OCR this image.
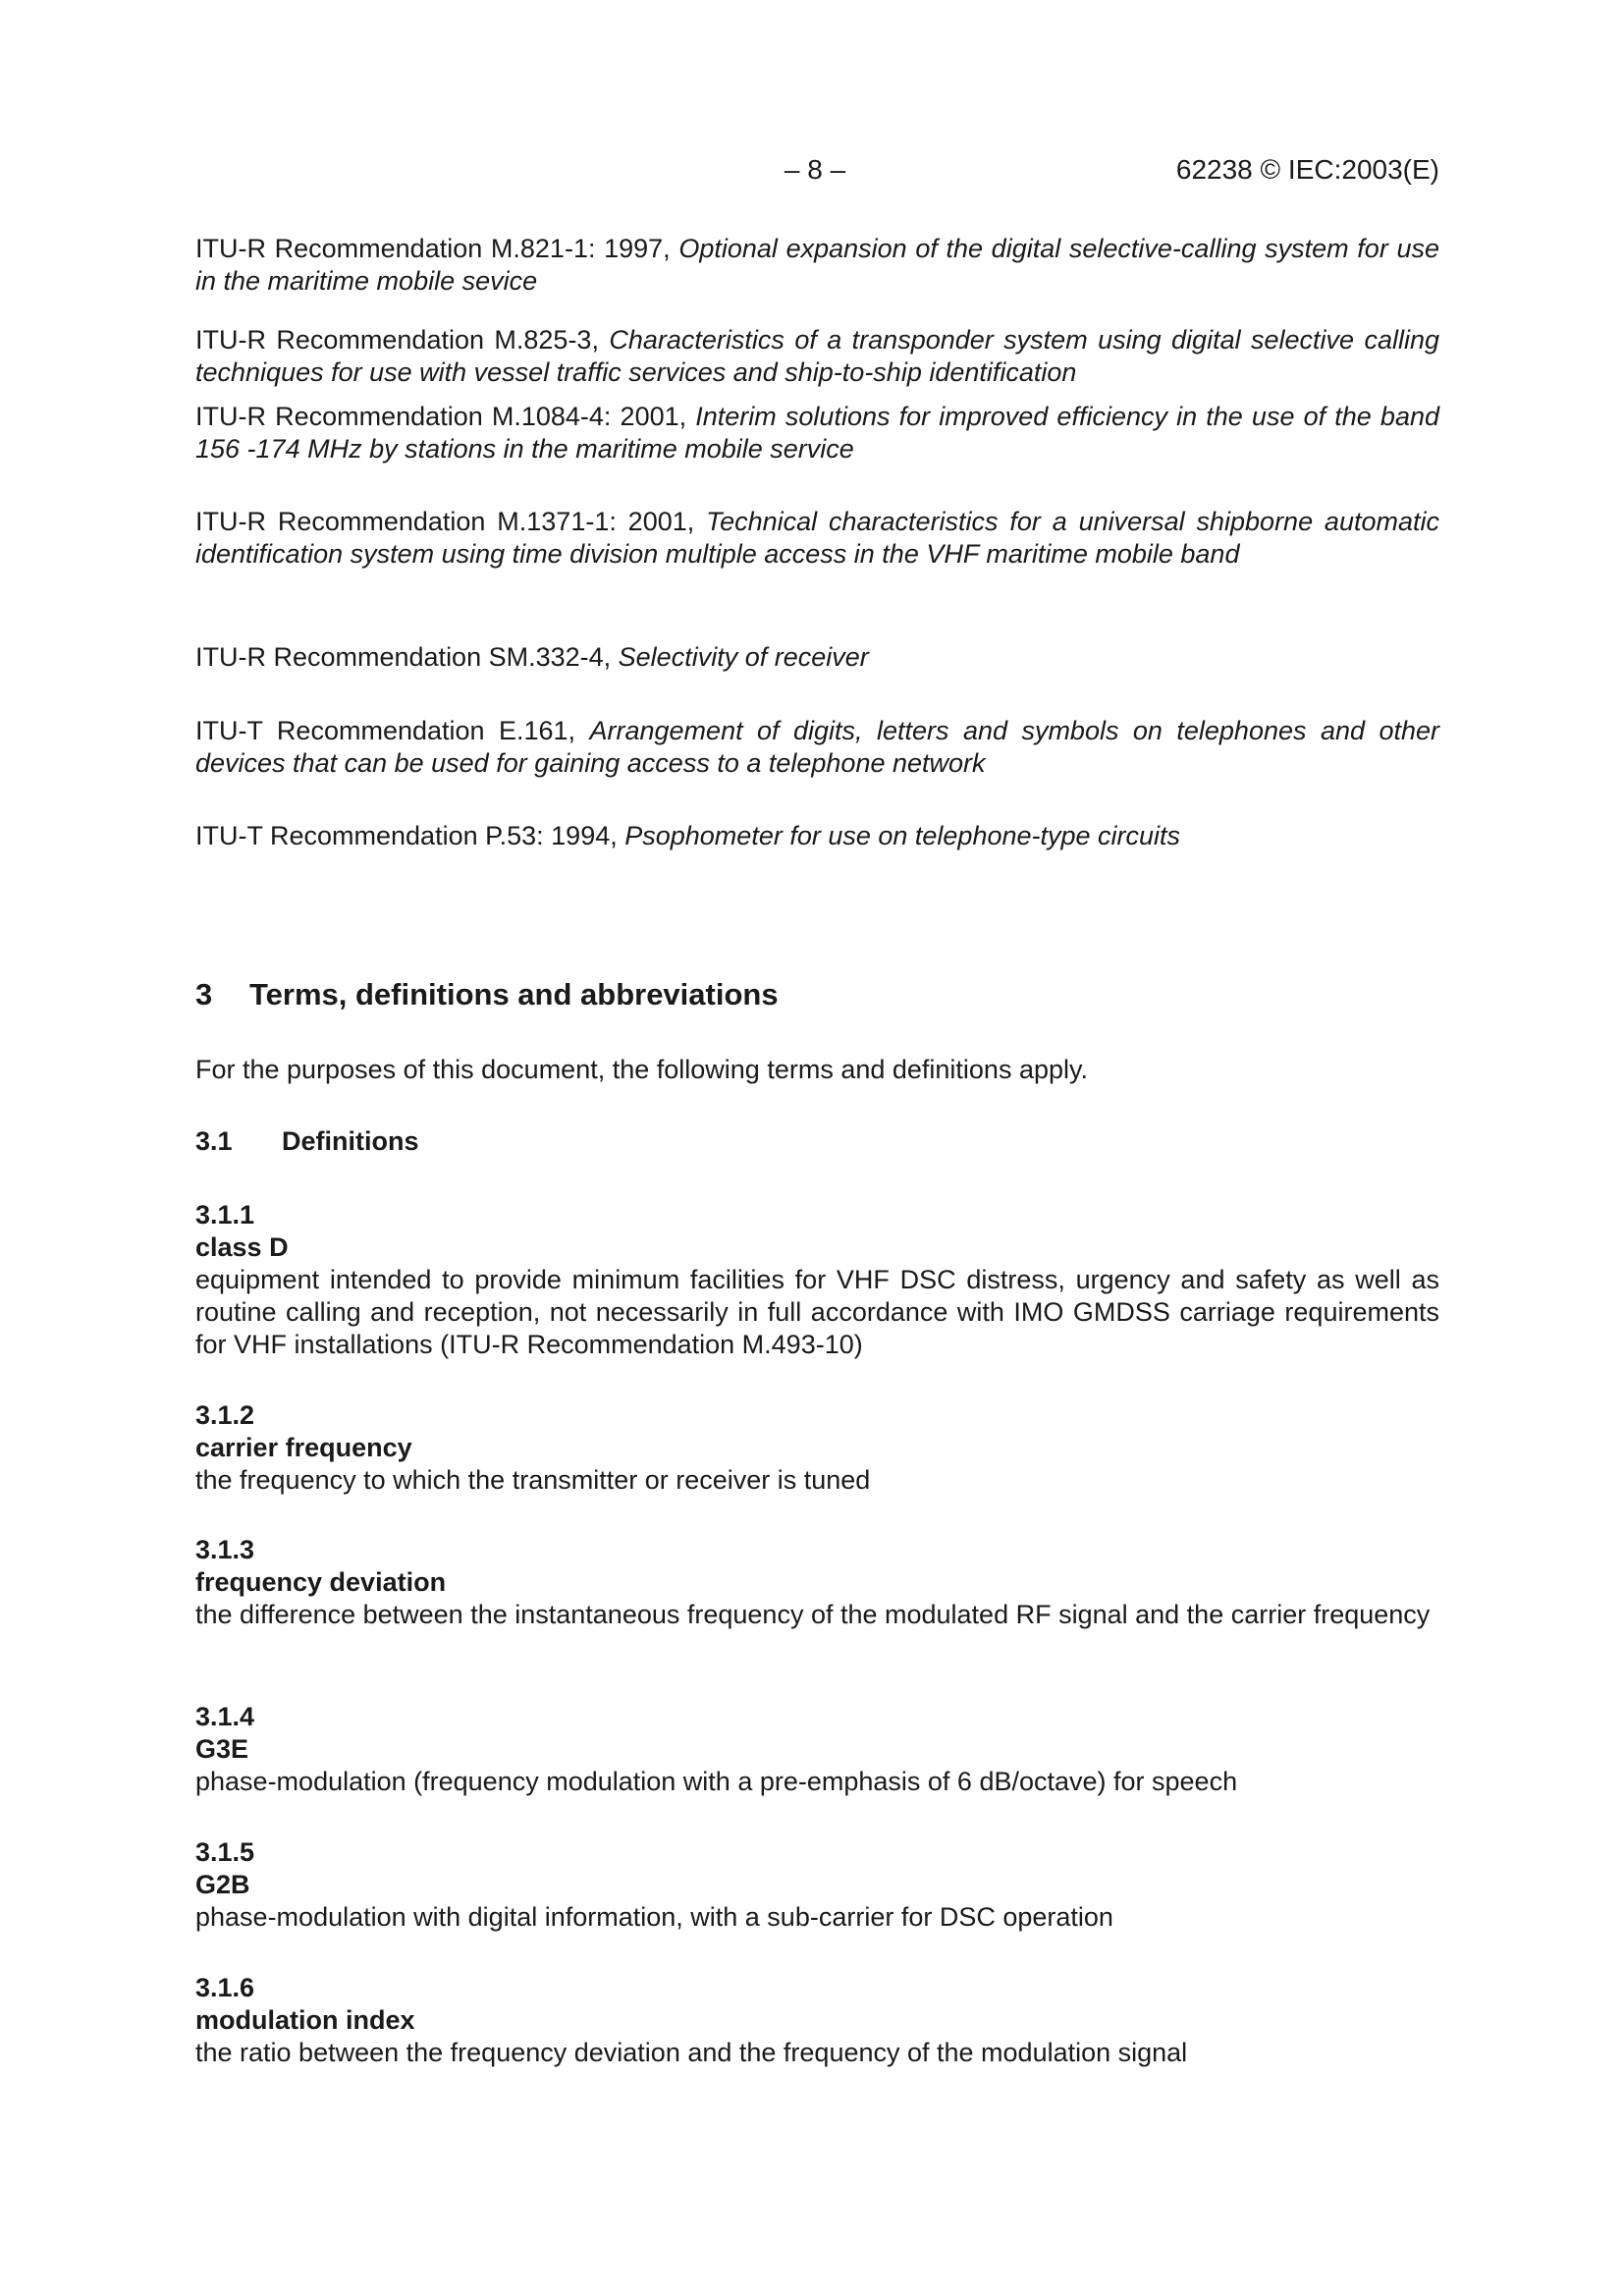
– 8 –	62238 © IEC:2003(E)

ITU-R Recommendation M.821-1: 1997, Optional expansion of the digital selective-calling system for use in the maritime mobile sevice

ITU-R Recommendation M.825-3, Characteristics of a transponder system using digital selective calling techniques for use with vessel traffic services and ship-to-ship identification

ITU-R Recommendation M.1084-4: 2001, Interim solutions for improved efficiency in the use of the band 156 -174 MHz by stations in the maritime mobile service

ITU-R Recommendation M.1371-1: 2001, Technical characteristics for a universal shipborne automatic identification system using time division multiple access in the VHF maritime mobile band

ITU-R Recommendation SM.332-4, Selectivity of receiver

ITU-T Recommendation E.161, Arrangement of digits, letters and symbols on telephones and other devices that can be used for gaining access to a telephone network

ITU-T Recommendation P.53: 1994, Psophometer for use on telephone-type circuits

3 Terms, definitions and abbreviations

For the purposes of this document, the following terms and definitions apply.

3.1 Definitions

3.1.1

class D

equipment intended to provide minimum facilities for VHF DSC distress, urgency and safety as well as routine calling and reception, not necessarily in full accordance with IMO GMDSS carriage requirements for VHF installations (ITU-R Recommendation M.493-10)

3.1.2

carrier frequency

the frequency to which the transmitter or receiver is tuned

3.1.3

frequency deviation

the difference between the instantaneous frequency of the modulated RF signal and the carrier frequency

3.1.4

G3E

phase-modulation (frequency modulation with a pre-emphasis of 6 dB/octave) for speech

3.1.5

G2B

phase-modulation with digital information, with a sub-carrier for DSC operation

3.1.6

modulation index

the ratio between the frequency deviation and the frequency of the modulation signal
